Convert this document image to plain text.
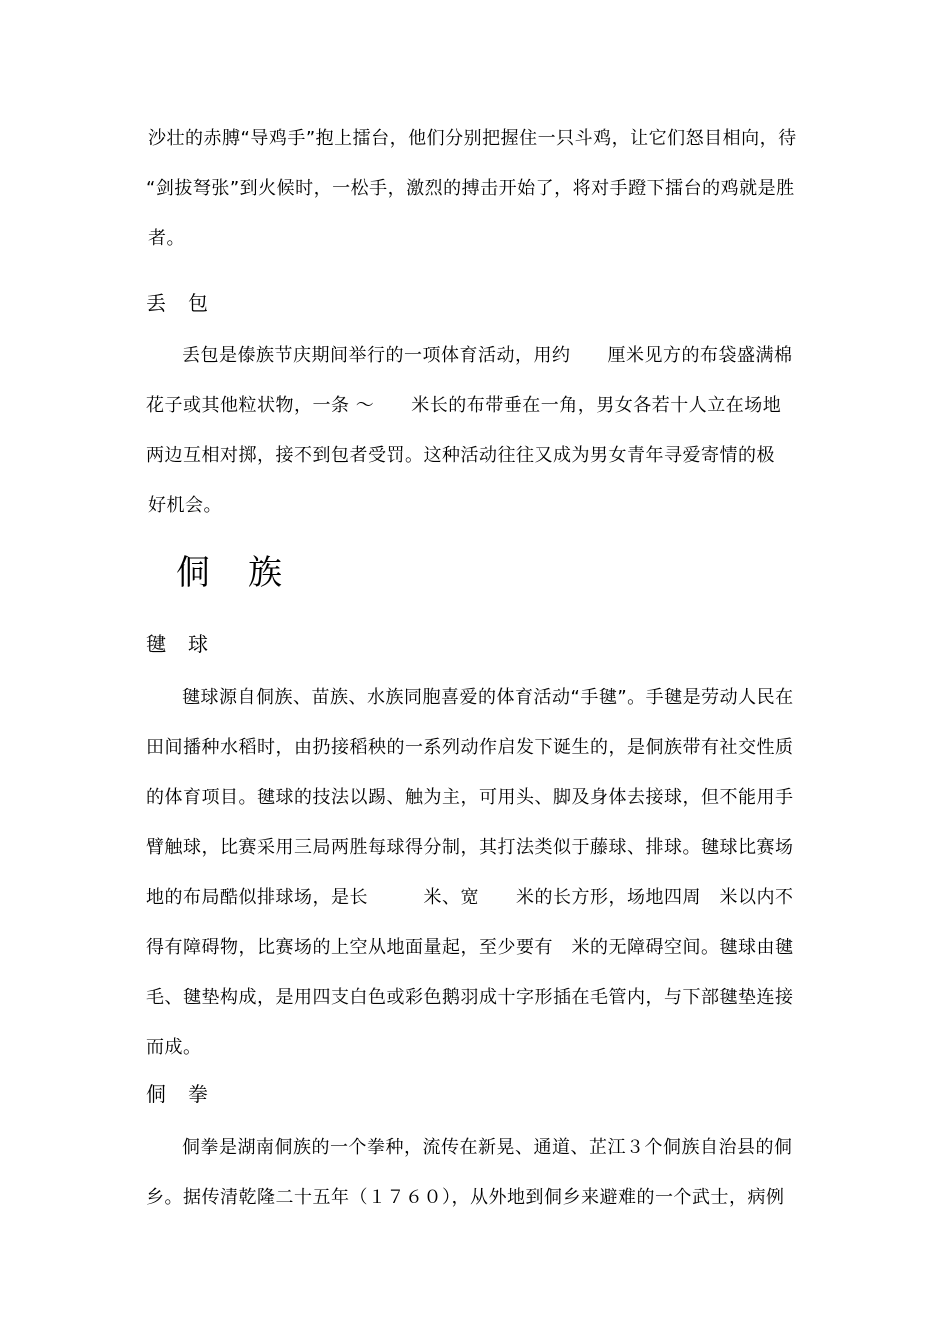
沙壮的赤膊“导鸡手”抱上擂台，他们分别把握住一只斗鸡，让它们怒目相向，待
“剑拔弩张”到火候时，一松手，激烈的搏击开始了，将对手蹬下擂台的鸡就是胜
者。
丢　包
丢包是傣族节庆期间举行的一项体育活动，用约　　厘米见方的布袋盛满棉
花子或其他粒状物，一条 ～　　米长的布带垂在一角，男女各若十人立在场地
两边互相对掷，接不到包者受罚。这种活动往往又成为男女青年寻爱寄情的极
好机会。
侗　族
毽　球
毽球源自侗族、苗族、水族同胞喜爱的体育活动“手毽”。手毽是劳动人民在
田间播种水稻时，由扔接稻秧的一系列动作启发下诞生的，是侗族带有社交性质
的体育项目。毽球的技法以踢、触为主，可用头、脚及身体去接球，但不能用手
臂触球，比赛采用三局两胜每球得分制，其打法类似于藤球、排球。毽球比赛场
地的布局酷似排球场，是长　　　米、宽　　米的长方形，场地四周　米以内不
得有障碍物，比赛场的上空从地面量起，至少要有　米的无障碍空间。毽球由毽
毛、毽垫构成，是用四支白色或彩色鹅羽成十字形插在毛管内，与下部毽垫连接
而成。
侗　拳
侗拳是湖南侗族的一个拳种，流传在新晃、通道、芷江３个侗族自治县的侗
乡。据传清乾隆二十五年（１７６０），从外地到侗乡来避难的一个武士，病例
